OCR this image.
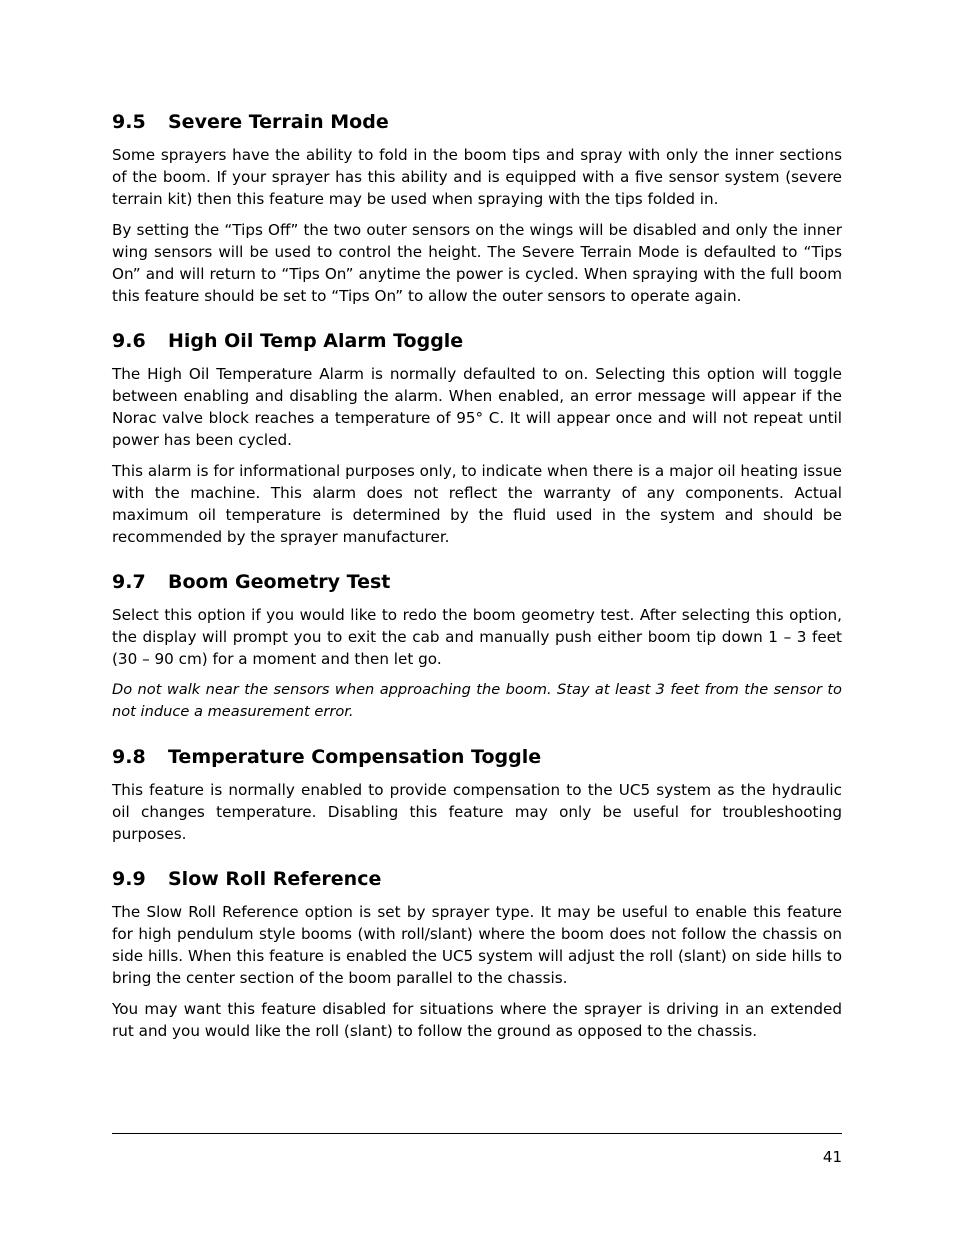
9.5	Severe Terrain Mode

Some sprayers have the ability to fold in the boom tips and spray with only the inner sections of the boom. If your sprayer has this ability and is equipped with a five sensor system (severe terrain kit) then this feature may be used when spraying with the tips folded in.

By setting the “Tips Off” the two outer sensors on the wings will be disabled and only the inner wing sensors will be used to control the height. The Severe Terrain Mode is defaulted to “Tips On” and will return to “Tips On” anytime the power is cycled. When spraying with the full boom this feature should be set to “Tips On” to allow the outer sensors to operate again.

9.6	High Oil Temp Alarm Toggle

The High Oil Temperature Alarm is normally defaulted to on. Selecting this option will toggle between enabling and disabling the alarm. When enabled, an error message will appear if the Norac valve block reaches a temperature of 95° C. It will appear once and will not repeat until power has been cycled.

This alarm is for informational purposes only, to indicate when there is a major oil heating issue with the machine. This alarm does not reflect the warranty of any components. Actual maximum oil temperature is determined by the fluid used in the system and should be recommended by the sprayer manufacturer.

9.7	Boom Geometry Test

Select this option if you would like to redo the boom geometry test. After selecting this option, the display will prompt you to exit the cab and manually push either boom tip down 1 – 3 feet (30 – 90 cm) for a moment and then let go.

Do not walk near the sensors when approaching the boom. Stay at least 3 feet from the sensor to not induce a measurement error.

9.8	Temperature Compensation Toggle

This feature is normally enabled to provide compensation to the UC5 system as the hydraulic oil changes temperature. Disabling this feature may only be useful for troubleshooting purposes.

9.9	Slow Roll Reference

The Slow Roll Reference option is set by sprayer type. It may be useful to enable this feature for high pendulum style booms (with roll/slant) where the boom does not follow the chassis on side hills. When this feature is enabled the UC5 system will adjust the roll (slant) on side hills to bring the center section of the boom parallel to the chassis.

You may want this feature disabled for situations where the sprayer is driving in an extended rut and you would like the roll (slant) to follow the ground as opposed to the chassis.

41
